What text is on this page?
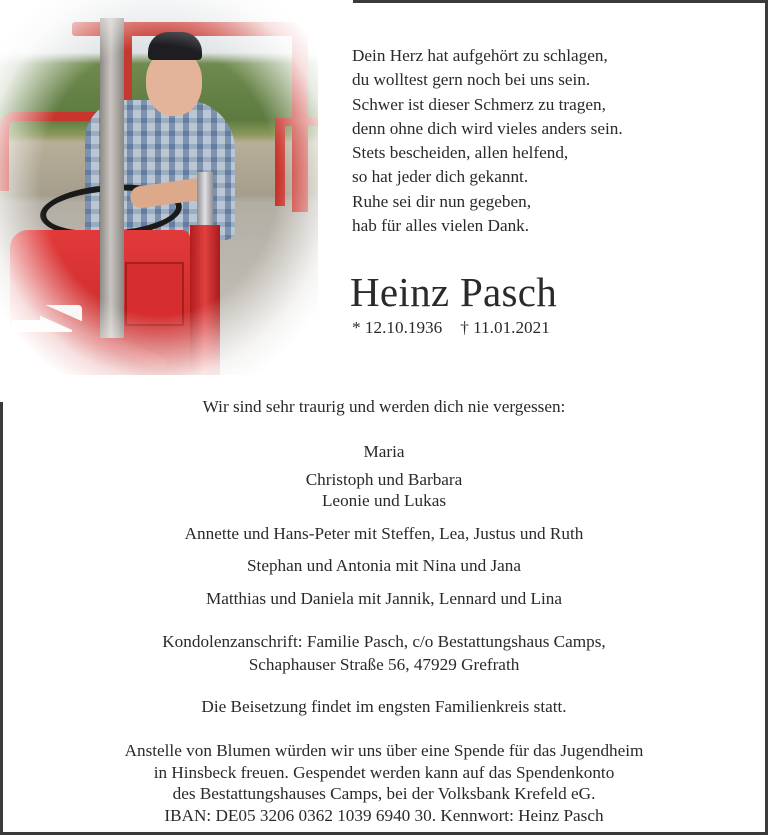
Dein Herz hat aufgehört zu schlagen,
du wolltest gern noch bei uns sein.
Schwer ist dieser Schmerz zu tragen,
denn ohne dich wird vieles anders sein.
Stets bescheiden, allen helfend,
so hat jeder dich gekannt.
Ruhe sei dir nun gegeben,
hab für alles vielen Dank.
Heinz Pasch
* 12.10.1936 † 11.01.2021

Wir sind sehr traurig und werden dich nie vergessen:

Maria

Christoph und Barbara

Leonie und Lukas

Annette und Hans-Peter mit Steffen, Lea, Justus und Ruth

Stephan und Antonia mit Nina und Jana

Matthias und Daniela mit Jannik, Lennard und Lina

Kondolenzanschrift: Familie Pasch, c/o Bestattungshaus Camps,

Schaphauser Straße 56, 47929 Grefrath

Die Beisetzung findet im engsten Familienkreis statt.

Anstelle von Blumen würden wir uns über eine Spende für das Jugendheim

in Hinsbeck freuen. Gespendet werden kann auf das Spendenkonto

des Bestattungshauses Camps, bei der Volksbank Krefeld eG.

IBAN: DE05 3206 0362 1039 6940 30. Kennwort: Heinz Pasch
